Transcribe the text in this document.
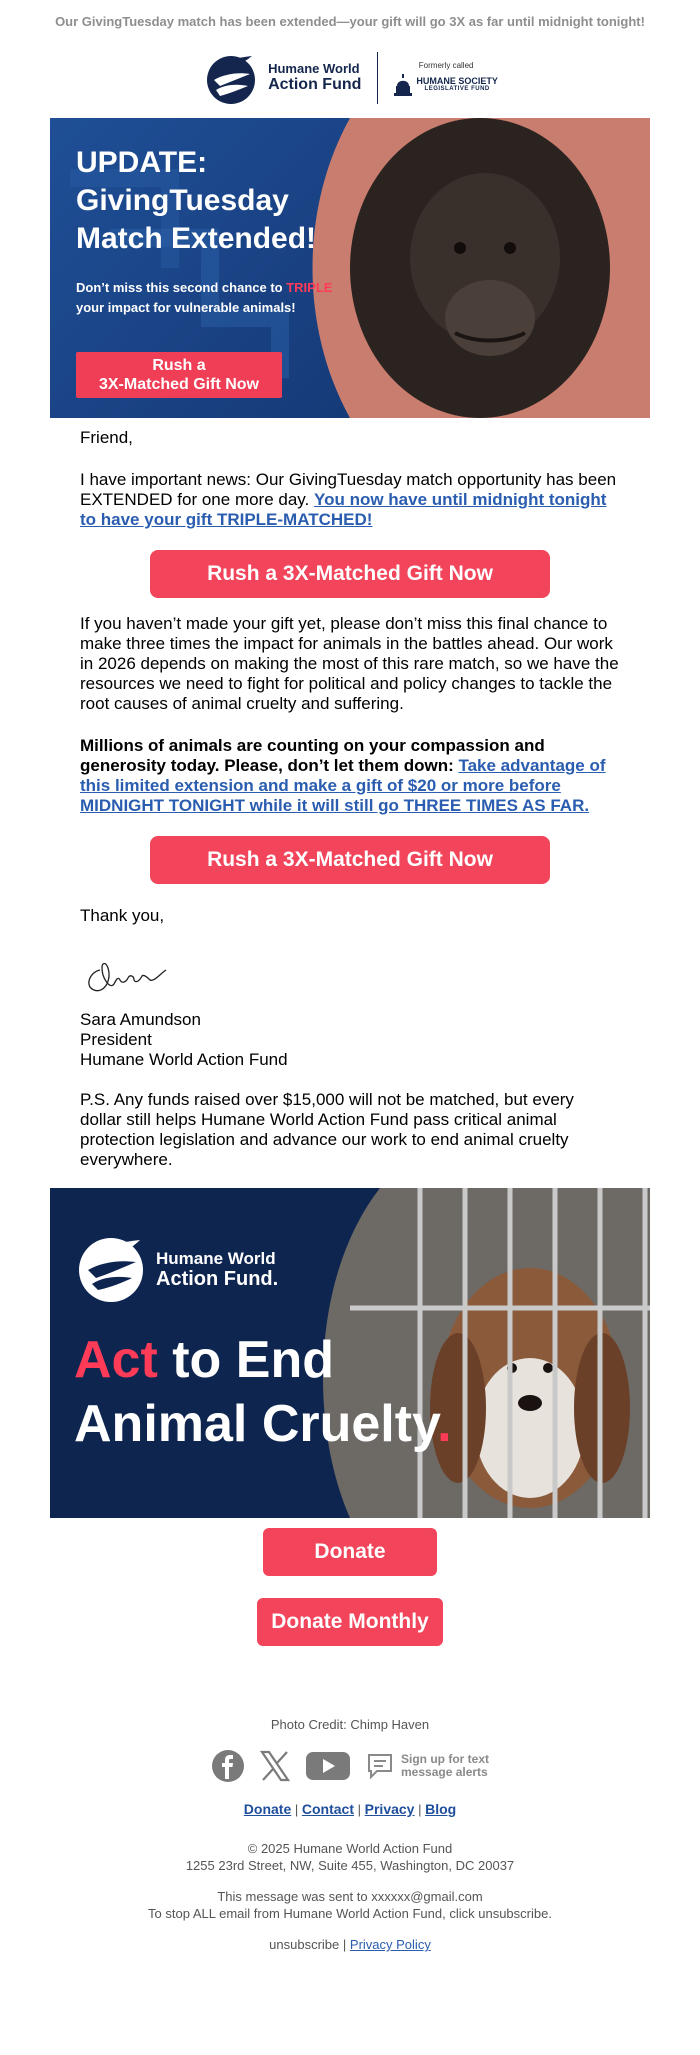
Our GivingTuesday match has been extended—your gift will go 3X as far until midnight tonight!
Humane World
Action Fund
Formerly called
HUMANE SOCIETY
LEGISLATIVE FUND
UPDATE:
GivingTuesday
Match Extended!
Don’t miss this second chance to TRIPLE your impact for vulnerable animals!
Rush a
3X-Matched Gift Now

Friend,

I have important news: Our GivingTuesday match opportunity has been EXTENDED for one more day. You now have until midnight tonight to have your gift TRIPLE-MATCHED!

Rush a 3X-Matched Gift Now

If you haven’t made your gift yet, please don’t miss this final chance to make three times the impact for animals in the battles ahead. Our work in 2026 depends on making the most of this rare match, so we have the resources we need to fight for political and policy changes to tackle the root causes of animal cruelty and suffering.

Millions of animals are counting on your compassion and generosity today. Please, don’t let them down: Take advantage of this limited extension and make a gift of $20 or more before MIDNIGHT TONIGHT while it will still go THREE TIMES AS FAR.

Rush a 3X-Matched Gift Now

Thank you,

Sara Amundson

President

Humane World Action Fund

P.S. Any funds raised over $15,000 will not be matched, but every dollar still helps Humane World Action Fund pass critical animal protection legislation and advance our work to end animal cruelty everywhere.

Humane World
Action Fund.
Act to End
Animal Cruelty.
Donate
Donate Monthly
Photo Credit: Chimp Haven
Sign up for text
message alerts
Donate | Contact | Privacy | Blog
© 2025 Humane World Action Fund
1255 23rd Street, NW, Suite 455, Washington, DC 20037
This message was sent to xxxxxx@gmail.com
To stop ALL email from Humane World Action Fund, click unsubscribe.
unsubscribe | Privacy Policy
